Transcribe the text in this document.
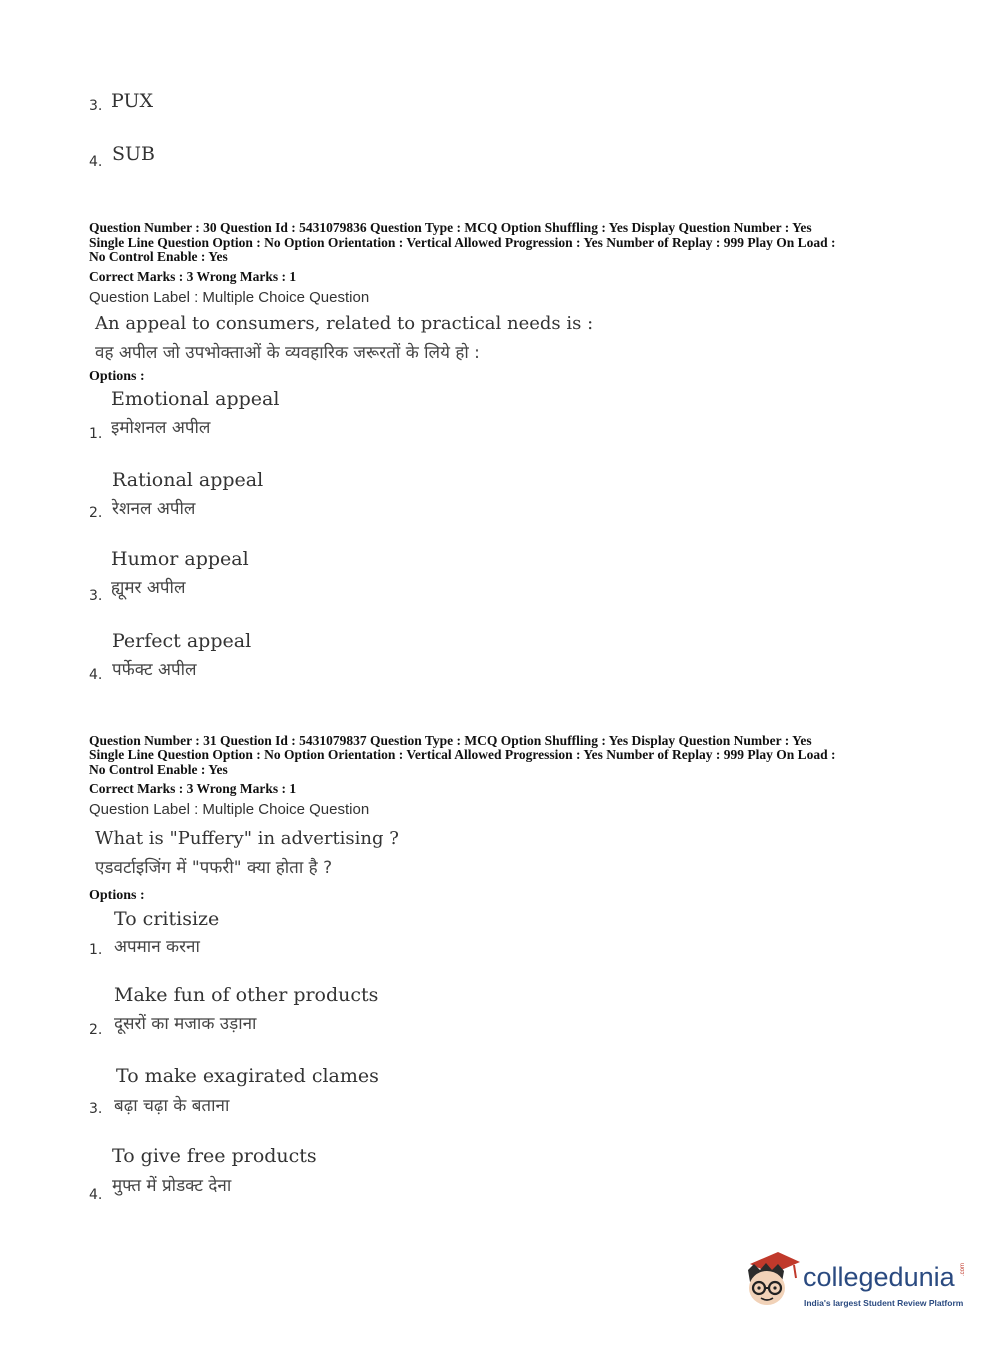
3. PUX
4. SUB
Question Number : 30 Question Id : 5431079836 Question Type : MCQ Option Shuffling : Yes Display Question Number : Yes
Single Line Question Option : No Option Orientation : Vertical Allowed Progression : Yes Number of Replay : 999 Play On Load :
No Control Enable : Yes
Correct Marks : 3 Wrong Marks : 1
Question Label : Multiple Choice Question
An appeal to consumers, related to practical needs is :
वह अपील जो उपभोक्ताओं के व्यवहारिक जरूरतों के लिये हो :
Options :
Emotional appeal
इमोशनल अपील
1.
Rational appeal
रेशनल अपील
2.
Humor appeal
ह्यूमर अपील
3.
Perfect appeal
पर्फेक्ट अपील
4.
Question Number : 31 Question Id : 5431079837 Question Type : MCQ Option Shuffling : Yes Display Question Number : Yes
Single Line Question Option : No Option Orientation : Vertical Allowed Progression : Yes Number of Replay : 999 Play On Load :
No Control Enable : Yes
Correct Marks : 3 Wrong Marks : 1
Question Label : Multiple Choice Question
What is "Puffery" in advertising ?
एडवर्टाइजिंग में "पफरी" क्या होता है ?
Options :
To critisize
अपमान करना
1.
Make fun of other products
दूसरों का मजाक उड़ाना
2.
To make exagirated clames
बढ़ा चढ़ा के बताना
3.
To give free products
मुफ्त में प्रोडक्ट देना
4.
collegedunia .com
India's largest Student Review Platform
